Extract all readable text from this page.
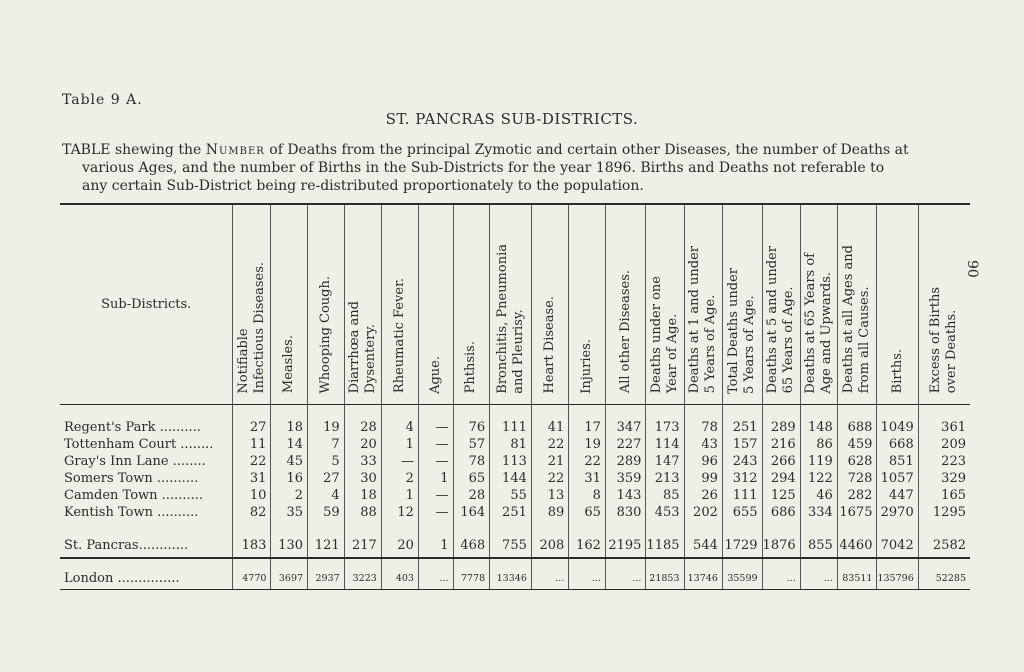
Table 9 A.
ST. PANCRAS SUB-DISTRICTS.
TABLE shewing the Number of Deaths from the principal Zymotic and certain other Diseases, the number of Deaths at
various Ages, and the number of Births in the Sub-Districts for the year 1896. Births and Deaths not referable to
any certain Sub-District being re-distributed proportionately to the population.
90
Sub-Districts.	Notifiable
Infectious Diseases.	Measles.	Whooping Cough.	Diarrhœa and
Dysentery.	Rheumatic Fever.	Ague.	Phthsis.	Bronchitis, Pneumonia
and Pleurisy.	Heart Disease.	Injuries.	All other Diseases.	Deaths under one
Year of Age.	Deaths at 1 and under
5 Years of Age.	Total Deaths under
5 Years of Age.	Deaths at 5 and under
65 Years of Age.	Deaths at 65 Years of
Age and Upwards.	Deaths at all Ages and
from all Causes.	Births.	Excess of Births
over Deaths.

Regent's Park ..........	27	18	19	28	4	—	76	111	41	17	347	173	78	251	289	148	688	1049	361
Tottenham Court ........	11	14	7	20	1	—	57	81	22	19	227	114	43	157	216	86	459	668	209
Gray's Inn Lane ........	22	45	5	33	—	—	78	113	21	22	289	147	96	243	266	119	628	851	223
Somers Town ..........	31	16	27	30	2	1	65	144	22	31	359	213	99	312	294	122	728	1057	329
Camden Town ..........	10	2	4	18	1	—	28	55	13	8	143	85	26	111	125	46	282	447	165
Kentish Town ..........	82	35	59	88	12	—	164	251	89	65	830	453	202	655	686	334	1675	2970	1295

St. Pancras............	183	130	121	217	20	1	468	755	208	162	2195	1185	544	1729	1876	855	4460	7042	2582

London ...............	4770	3697	2937	3223	403	...	7778	13346	...	...	...	21853	13746	35599	...	...	83511	135796	52285
